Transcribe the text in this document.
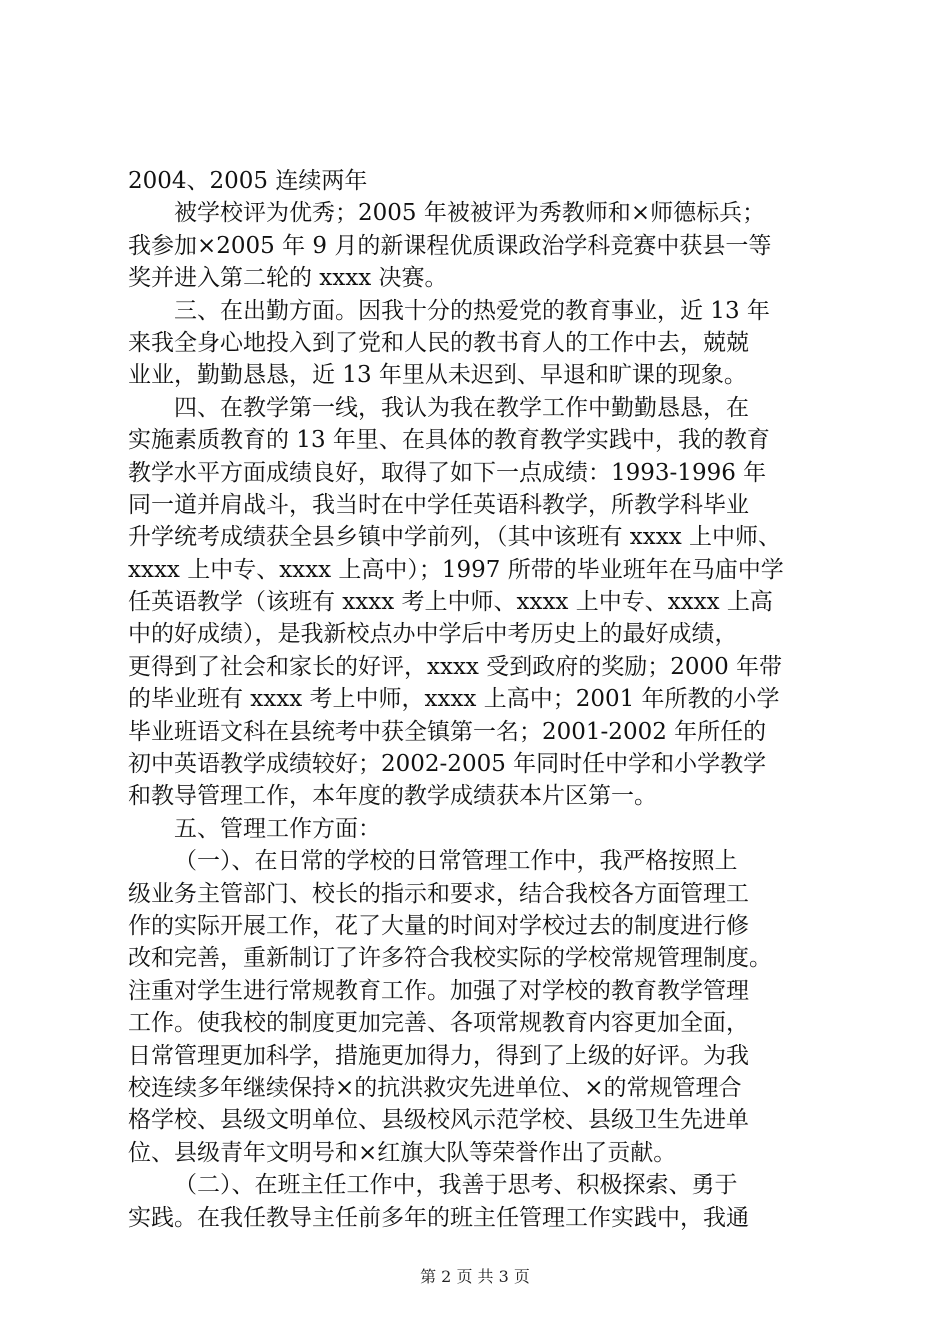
2004、2005 连续两年
被学校评为优秀；2005 年被被评为秀教师和×师德标兵；
我参加×2005 年 9 月的新课程优质课政治学科竞赛中获县一等
奖并进入第二轮的 xxxx 决赛。
三、在出勤方面。因我十分的热爱党的教育事业，近 13 年
来我全身心地投入到了党和人民的教书育人的工作中去，兢兢
业业，勤勤恳恳，近 13 年里从未迟到、早退和旷课的现象。
四、在教学第一线，我认为我在教学工作中勤勤恳恳，在
实施素质教育的 13 年里、在具体的教育教学实践中，我的教育
教学水平方面成绩良好，取得了如下一点成绩：1993-1996 年
同一道并肩战斗，我当时在中学任英语科教学，所教学科毕业
升学统考成绩获全县乡镇中学前列，（其中该班有 xxxx 上中师、
xxxx 上中专、xxxx 上高中）；1997 所带的毕业班年在马庙中学
任英语教学（该班有 xxxx 考上中师、xxxx 上中专、xxxx 上高
中的好成绩），是我新校点办中学后中考历史上的最好成绩，
更得到了社会和家长的好评，xxxx 受到政府的奖励；2000 年带
的毕业班有 xxxx 考上中师，xxxx 上高中；2001 年所教的小学
毕业班语文科在县统考中获全镇第一名；2001-2002 年所任的
初中英语教学成绩较好；2002-2005 年同时任中学和小学教学
和教导管理工作，本年度的教学成绩获本片区第一。
五、管理工作方面：
（一）、在日常的学校的日常管理工作中，我严格按照上
级业务主管部门、校长的指示和要求，结合我校各方面管理工
作的实际开展工作，花了大量的时间对学校过去的制度进行修
改和完善，重新制订了许多符合我校实际的学校常规管理制度。
注重对学生进行常规教育工作。加强了对学校的教育教学管理
工作。使我校的制度更加完善、各项常规教育内容更加全面，
日常管理更加科学，措施更加得力，得到了上级的好评。为我
校连续多年继续保持×的抗洪救灾先进单位、×的常规管理合
格学校、县级文明单位、县级校风示范学校、县级卫生先进单
位、县级青年文明号和×红旗大队等荣誉作出了贡献。
（二）、在班主任工作中，我善于思考、积极探索、勇于
实践。在我任教导主任前多年的班主任管理工作实践中，我通
第 2 页 共 3 页
